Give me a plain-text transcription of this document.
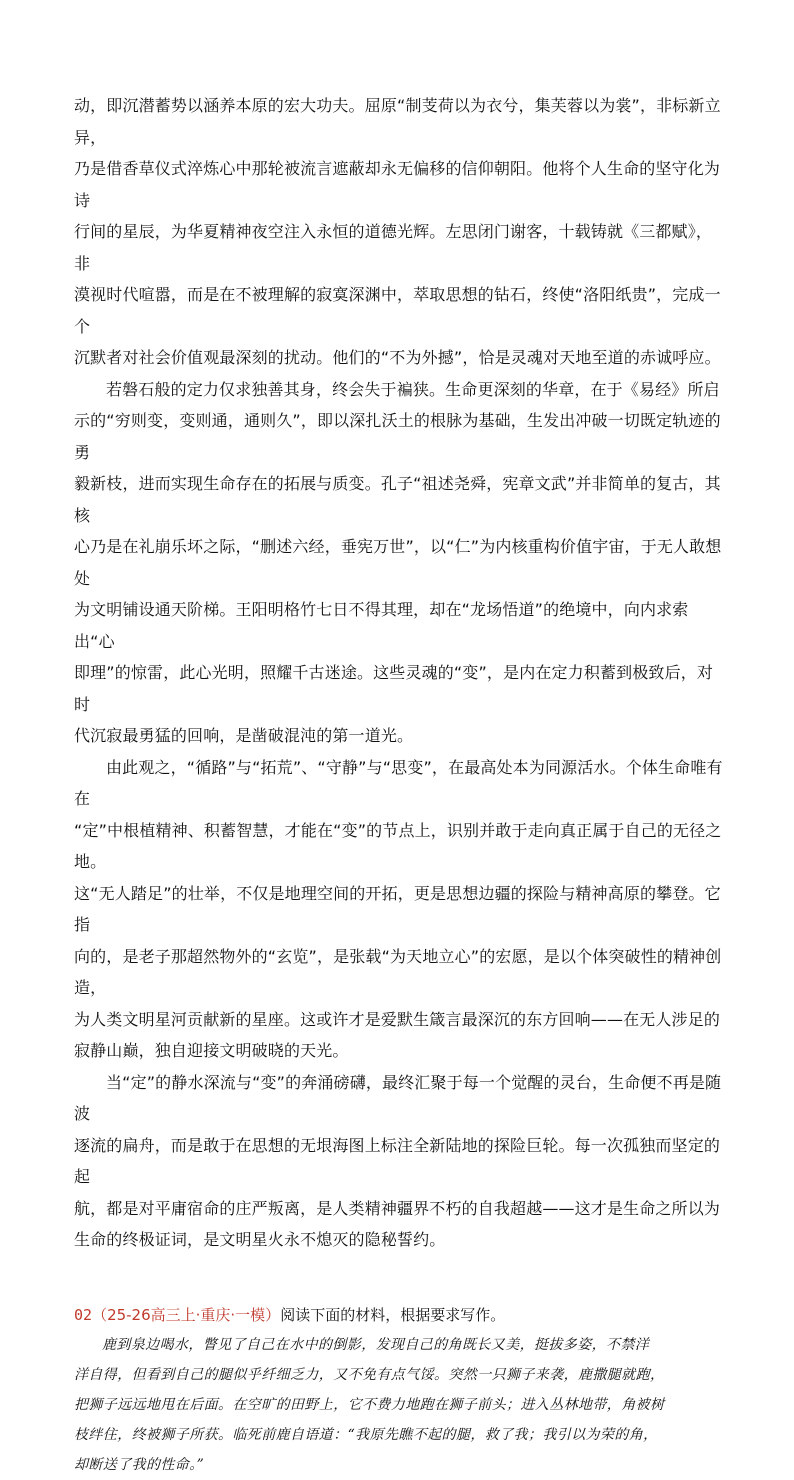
动，即沉潜蓄势以涵养本原的宏大功夫。屈原“制芰荷以为衣兮，集芙蓉以为裳”，非标新立异，

乃是借香草仪式淬炼心中那轮被流言遮蔽却永无偏移的信仰朝阳。他将个人生命的坚守化为诗

行间的星辰，为华夏精神夜空注入永恒的道德光辉。左思闭门谢客，十载铸就《三都赋》，非

漠视时代喧嚣，而是在不被理解的寂寞深渊中，萃取思想的钻石，终使“洛阳纸贵”，完成一个

沉默者对社会价值观最深刻的扰动。他们的“不为外撼”，恰是灵魂对天地至道的赤诚呼应。

若磐石般的定力仅求独善其身，终会失于褊狭。生命更深刻的华章，在于《易经》所启

示的“穷则变，变则通，通则久”，即以深扎沃土的根脉为基础，生发出冲破一切既定轨迹的勇

毅新枝，进而实现生命存在的拓展与质变。孔子“祖述尧舜，宪章文武”并非简单的复古，其核

心乃是在礼崩乐坏之际，“删述六经，垂宪万世”，以“仁”为内核重构价值宇宙，于无人敢想处

为文明铺设通天阶梯。王阳明格竹七日不得其理，却在“龙场悟道”的绝境中，向内求索出“心

即理”的惊雷，此心光明，照耀千古迷途。这些灵魂的“变”，是内在定力积蓄到极致后，对时

代沉寂最勇猛的回响，是凿破混沌的第一道光。

由此观之，“循路”与“拓荒”、“守静”与“思变”，在最高处本为同源活水。个体生命唯有在

“定”中根植精神、积蓄智慧，才能在“变”的节点上，识别并敢于走向真正属于自己的无径之地。

这“无人踏足”的壮举，不仅是地理空间的开拓，更是思想边疆的探险与精神高原的攀登。它指

向的，是老子那超然物外的“玄览”，是张载“为天地立心”的宏愿，是以个体突破性的精神创造，

为人类文明星河贡献新的星座。这或许才是爱默生箴言最深沉的东方回响——在无人涉足的

寂静山巅，独自迎接文明破晓的天光。

当“定”的静水深流与“变”的奔涌磅礴，最终汇聚于每一个觉醒的灵台，生命便不再是随波

逐流的扁舟，而是敢于在思想的无垠海图上标注全新陆地的探险巨轮。每一次孤独而坚定的起

航，都是对平庸宿命的庄严叛离，是人类精神疆界不朽的自我超越——这才是生命之所以为

生命的终极证词，是文明星火永不熄灭的隐秘誓约。

02（25-26高三上·重庆·一模）阅读下面的材料，根据要求写作。

鹿到泉边喝水，瞥见了自己在水中的倒影，发现自己的角既长又美，挺拔多姿，不禁洋

洋自得，但看到自己的腿似乎纤细乏力，又不免有点气馁。突然一只狮子来袭，鹿撒腿就跑，

把狮子远远地甩在后面。在空旷的田野上，它不费力地跑在狮子前头；进入丛林地带，角被树

枝绊住，终被狮子所获。临死前鹿自语道：“我原先瞧不起的腿，救了我；我引以为荣的角，

却断送了我的性命。”
